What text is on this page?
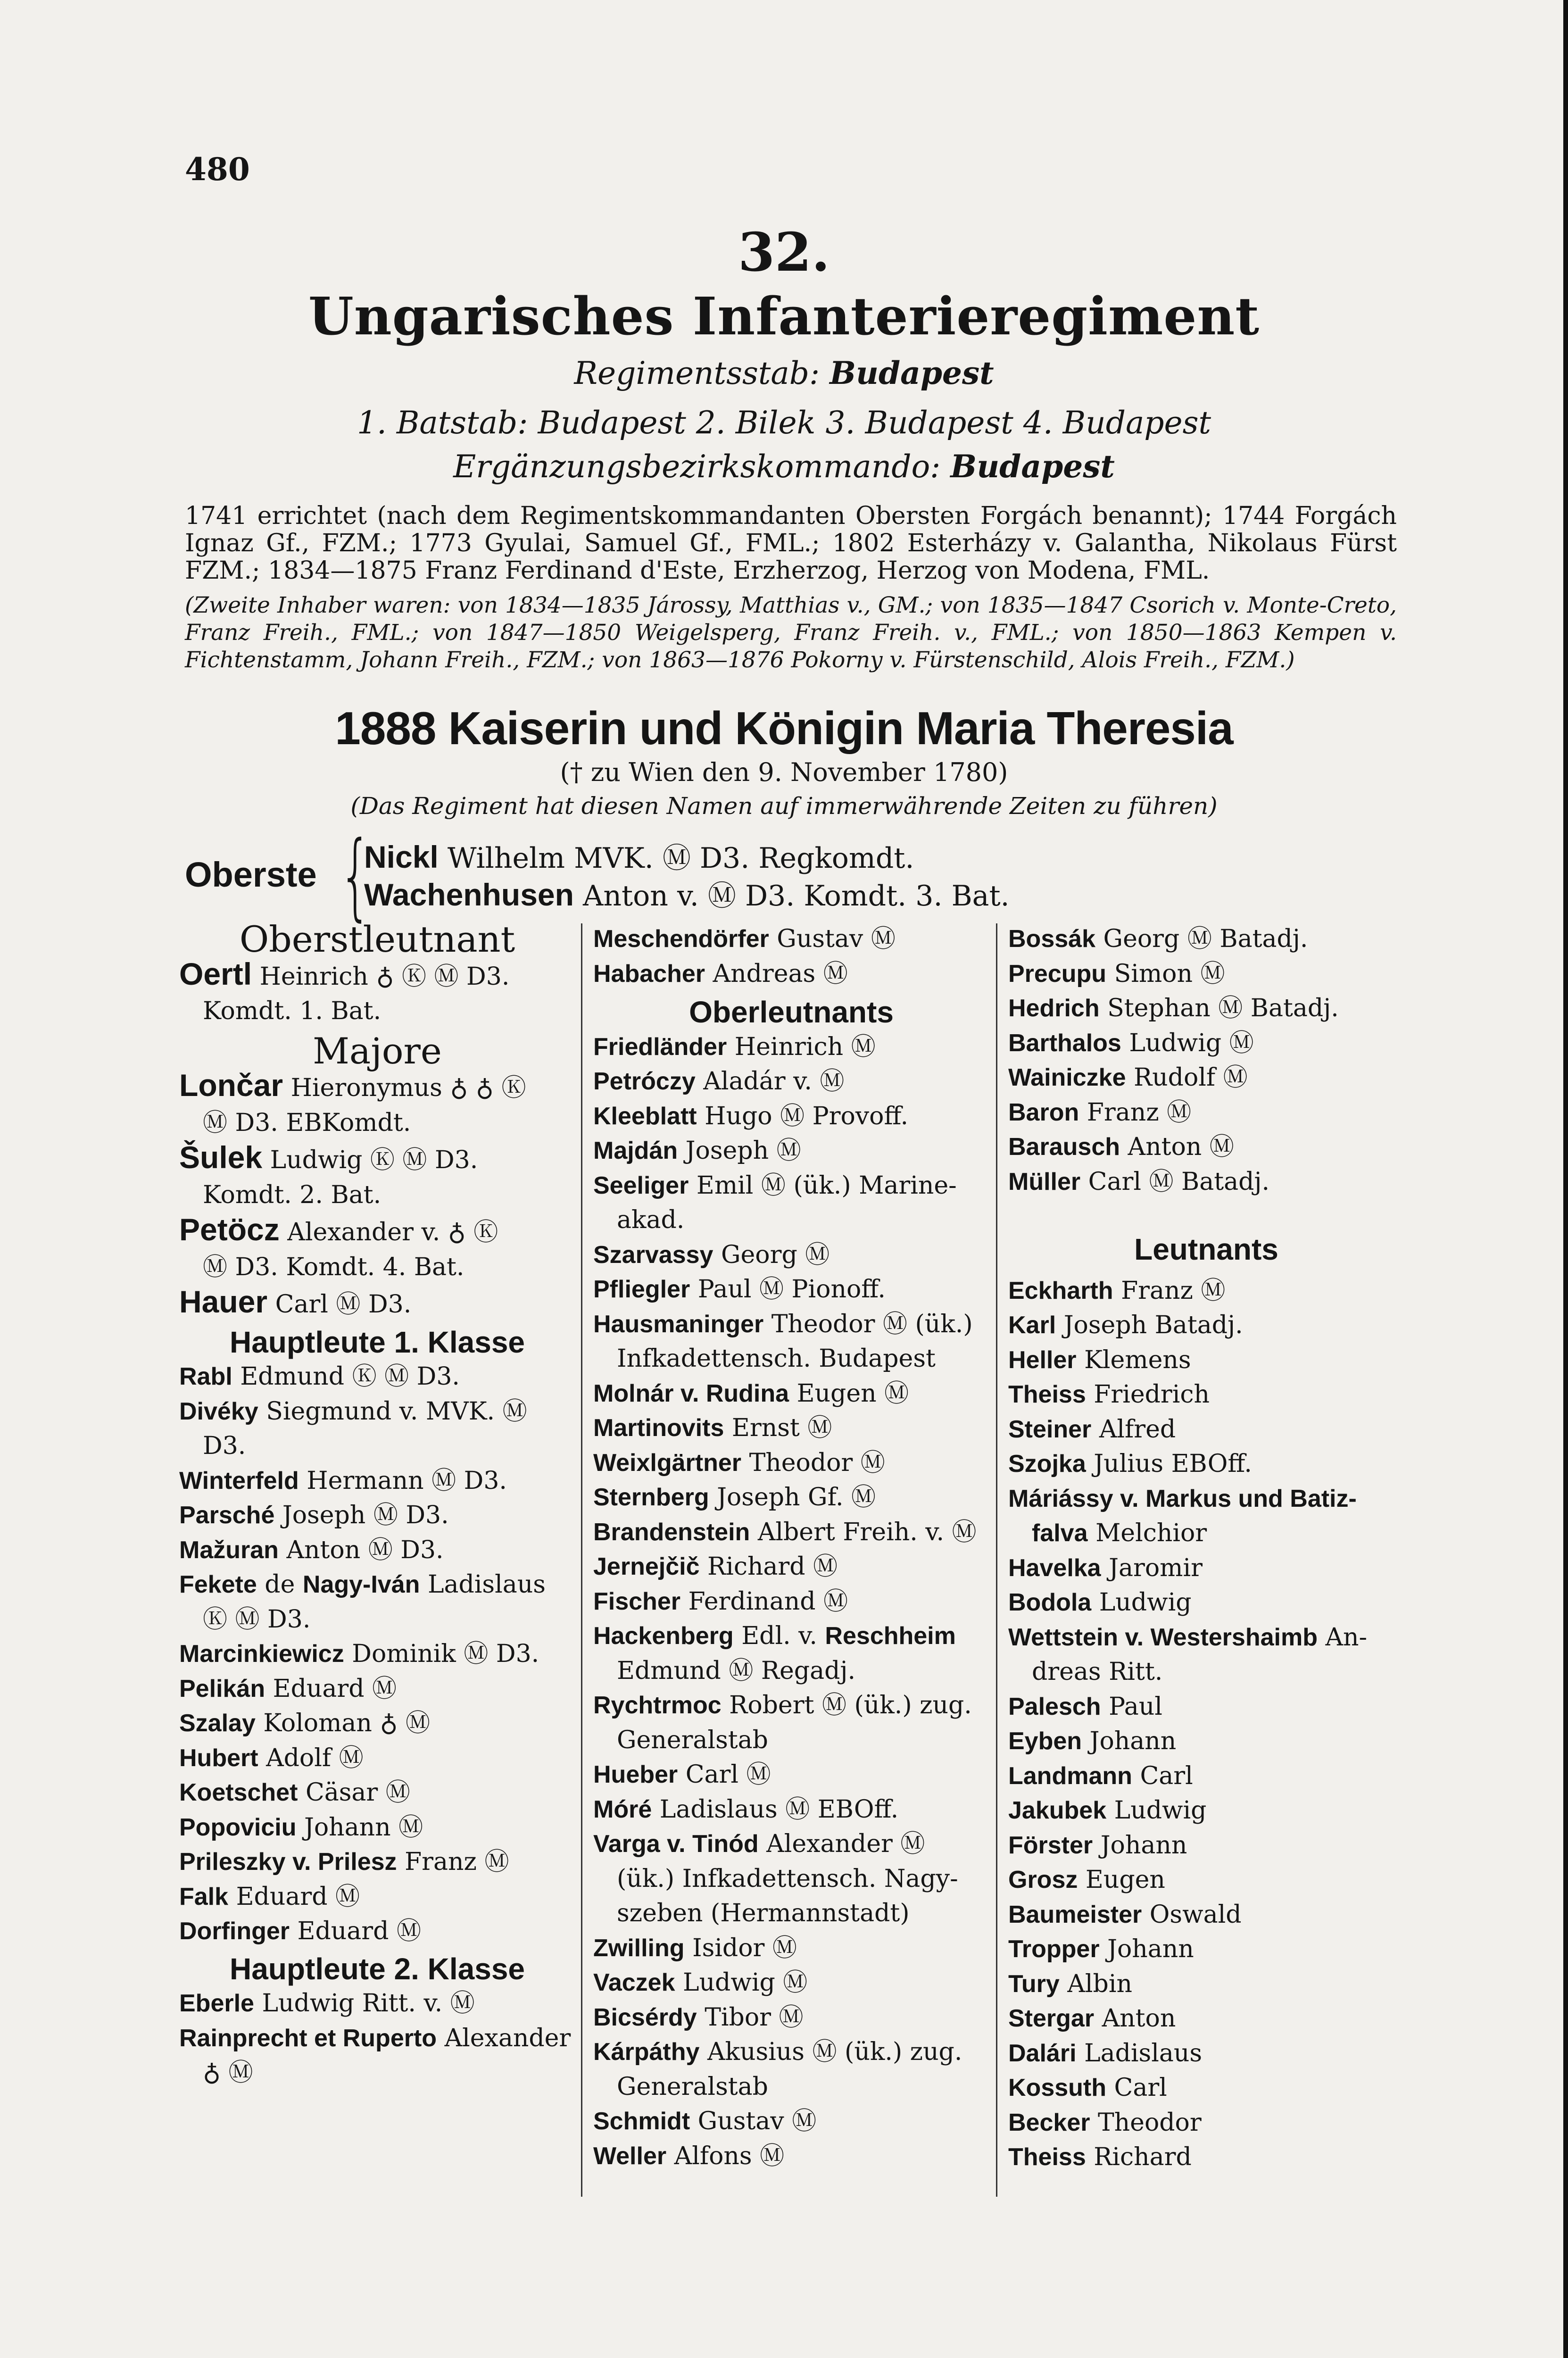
480
32.
Ungarisches Infanterieregiment
Regimentsstab: Budapest
1. Batstab: Budapest 2. Bilek 3. Budapest 4. Budapest
Ergänzungsbezirkskommando: Budapest
1741 errichtet (nach dem Regimentskommandanten Obersten Forgách benannt); 1744 Forgách Ignaz Gf., FZM.; 1773 Gyulai, Samuel Gf., FML.; 1802 Esterházy v. Galantha, Nikolaus Fürst FZM.; 1834—1875 Franz Ferdinand d'Este, Erzherzog, Herzog von Modena, FML.
(Zweite Inhaber waren: von 1834—1835 Járossy, Matthias v., GM.; von 1835—1847 Csorich v. Monte-Creto, Franz Freih., FML.; von 1847—1850 Weigelsperg, Franz Freih. v., FML.; von 1850—1863 Kempen v. Fichtenstamm, Johann Freih., FZM.; von 1863—1876 Pokorny v. Fürstenschild, Alois Freih., FZM.)
1888 Kaiserin und Königin Maria Theresia
(† zu Wien den 9. November 1780)
(Das Regiment hat diesen Namen auf immerwährende Zeiten zu führen)
Oberste {
Nickl Wilhelm MVK. Ⓜ D3. Regkomdt.
Wachenhusen Anton v. Ⓜ D3. Komdt. 3. Bat.
Oberstleutnant
Oertl Heinrich ♁ Ⓚ Ⓜ D3.
Komdt. 1. Bat.
Majore
Lončar Hieronymus ♁ ♁ Ⓚ
Ⓜ D3. EBKomdt.
Šulek Ludwig Ⓚ Ⓜ D3.
Komdt. 2. Bat.
Petöcz Alexander v. ♁ Ⓚ
Ⓜ D3. Komdt. 4. Bat.
Hauer Carl Ⓜ D3.
Hauptleute 1. Klasse
Rabl Edmund Ⓚ Ⓜ D3.
Divéky Siegmund v. MVK. Ⓜ
D3.
Winterfeld Hermann Ⓜ D3.
Parsché Joseph Ⓜ D3.
Mažuran Anton Ⓜ D3.
Fekete de Nagy-Iván Ladislaus
Ⓚ Ⓜ D3.
Marcinkiewicz Dominik Ⓜ D3.
Pelikán Eduard Ⓜ
Szalay Koloman ♁ Ⓜ
Hubert Adolf Ⓜ
Koetschet Cäsar Ⓜ
Popoviciu Johann Ⓜ
Prileszky v. Prilesz Franz Ⓜ
Falk Eduard Ⓜ
Dorfinger Eduard Ⓜ
Hauptleute 2. Klasse
Eberle Ludwig Ritt. v. Ⓜ
Rainprecht et Ruperto Alexander
♁ Ⓜ
Meschendörfer Gustav Ⓜ
Habacher Andreas Ⓜ
Oberleutnants
Friedländer Heinrich Ⓜ
Petróczy Aladár v. Ⓜ
Kleeblatt Hugo Ⓜ Provoff.
Majdán Joseph Ⓜ
Seeliger Emil Ⓜ (ük.) Marine-
akad.
Szarvassy Georg Ⓜ
Pfliegler Paul Ⓜ Pionoff.
Hausmaninger Theodor Ⓜ (ük.)
Infkadettensch. Budapest
Molnár v. Rudina Eugen Ⓜ
Martinovits Ernst Ⓜ
Weixlgärtner Theodor Ⓜ
Sternberg Joseph Gf. Ⓜ
Brandenstein Albert Freih. v. Ⓜ
Jernejčič Richard Ⓜ
Fischer Ferdinand Ⓜ
Hackenberg Edl. v. Reschheim
Edmund Ⓜ Regadj.
Rychtrmoc Robert Ⓜ (ük.) zug.
Generalstab
Hueber Carl Ⓜ
Móré Ladislaus Ⓜ EBOff.
Varga v. Tinód Alexander Ⓜ
(ük.) Infkadettensch. Nagy-
szeben (Hermannstadt)
Zwilling Isidor Ⓜ
Vaczek Ludwig Ⓜ
Bicsérdy Tibor Ⓜ
Kárpáthy Akusius Ⓜ (ük.) zug.
Generalstab
Schmidt Gustav Ⓜ
Weller Alfons Ⓜ
Bossák Georg Ⓜ Batadj.
Precupu Simon Ⓜ
Hedrich Stephan Ⓜ Batadj.
Barthalos Ludwig Ⓜ
Wainiczke Rudolf Ⓜ
Baron Franz Ⓜ
Barausch Anton Ⓜ
Müller Carl Ⓜ Batadj.
Leutnants
Eckharth Franz Ⓜ
Karl Joseph Batadj.
Heller Klemens
Theiss Friedrich
Steiner Alfred
Szojka Julius EBOff.
Máriássy v. Markus und Batiz-
falva Melchior
Havelka Jaromir
Bodola Ludwig
Wettstein v. Westershaimb An-
dreas Ritt.
Palesch Paul
Eyben Johann
Landmann Carl
Jakubek Ludwig
Förster Johann
Grosz Eugen
Baumeister Oswald
Tropper Johann
Tury Albin
Stergar Anton
Dalári Ladislaus
Kossuth Carl
Becker Theodor
Theiss Richard
